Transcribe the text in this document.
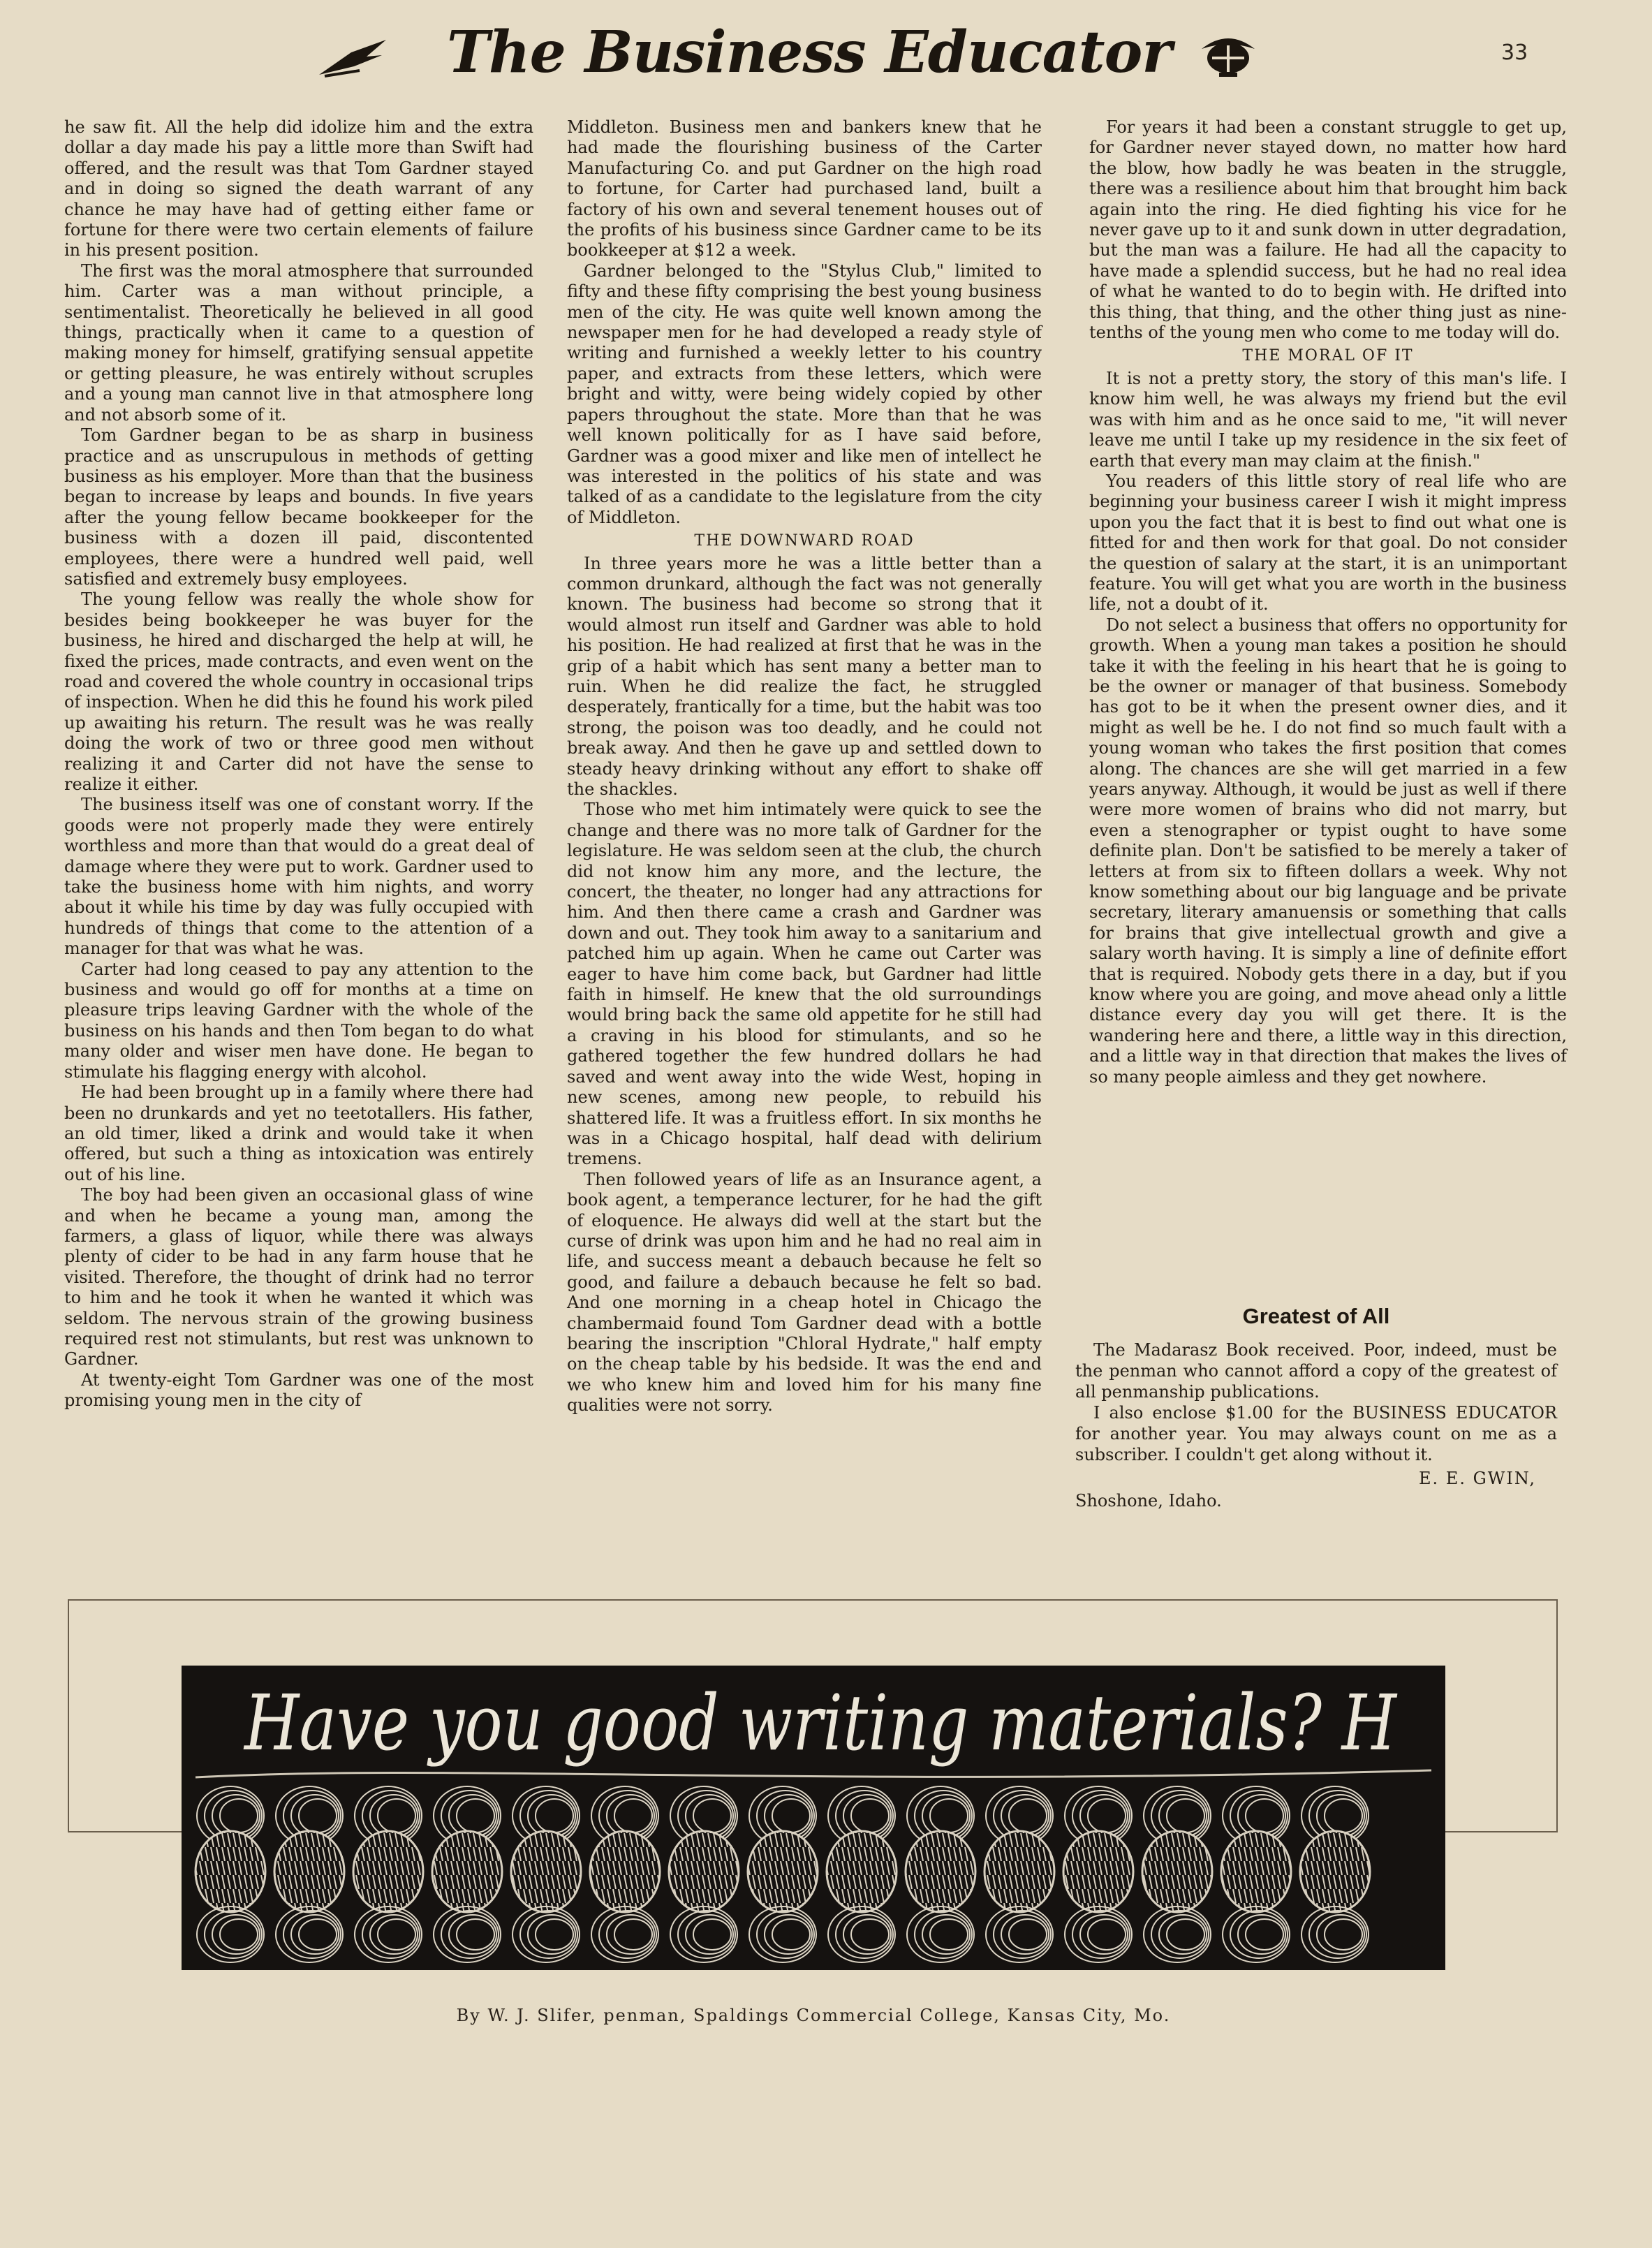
The Business Educator	33

he saw fit. All the help did idolize him and the extra dollar a day made his pay a little more than Swift had offered, and the result was that Tom Gardner stayed and in doing so signed the death warrant of any chance he may have had of getting either fame or fortune for there were two certain elements of failure in his present position.

The first was the moral atmosphere that surrounded him. Carter was a man without principle, a sentimentalist. Theoretically he believed in all good things, practically when it came to a question of making money for himself, gratifying sensual appetite or getting pleasure, he was entirely without scruples and a young man cannot live in that atmosphere long and not absorb some of it.

Tom Gardner began to be as sharp in business practice and as unscrupulous in methods of getting business as his employer. More than that the business began to increase by leaps and bounds. In five years after the young fellow became bookkeeper for the business with a dozen ill paid, discontented employees, there were a hundred well paid, well satisfied and extremely busy employees.

The young fellow was really the whole show for besides being bookkeeper he was buyer for the business, he hired and discharged the help at will, he fixed the prices, made contracts, and even went on the road and covered the whole country in occasional trips of inspection. When he did this he found his work piled up awaiting his return. The result was he was really doing the work of two or three good men without realizing it and Carter did not have the sense to realize it either.

The business itself was one of constant worry. If the goods were not properly made they were entirely worthless and more than that would do a great deal of damage where they were put to work. Gardner used to take the business home with him nights, and worry about it while his time by day was fully occupied with hundreds of things that come to the attention of a manager for that was what he was.

Carter had long ceased to pay any attention to the business and would go off for months at a time on pleasure trips leaving Gardner with the whole of the business on his hands and then Tom began to do what many older and wiser men have done. He began to stimulate his flagging energy with alcohol.

He had been brought up in a family where there had been no drunkards and yet no teetotallers. His father, an old timer, liked a drink and would take it when offered, but such a thing as intoxication was entirely out of his line.

The boy had been given an occasional glass of wine and when he became a young man, among the farmers, a glass of liquor, while there was always plenty of cider to be had in any farm house that he visited. Therefore, the thought of drink had no terror to him and he took it when he wanted it which was seldom. The nervous strain of the growing business required rest not stimulants, but rest was unknown to Gardner.

At twenty-eight Tom Gardner was one of the most promising young men in the city of

Middleton. Business men and bankers knew that he had made the flourishing business of the Carter Manufacturing Co. and put Gardner on the high road to fortune, for Carter had purchased land, built a factory of his own and several tenement houses out of the profits of his business since Gardner came to be its bookkeeper at $12 a week.

Gardner belonged to the "Stylus Club," limited to fifty and these fifty comprising the best young business men of the city. He was quite well known among the newspaper men for he had developed a ready style of writing and furnished a weekly letter to his country paper, and extracts from these letters, which were bright and witty, were being widely copied by other papers throughout the state. More than that he was well known politically for as I have said before, Gardner was a good mixer and like men of intellect he was interested in the politics of his state and was talked of as a candidate to the legislature from the city of Middleton.

THE DOWNWARD ROAD

In three years more he was a little better than a common drunkard, although the fact was not generally known. The business had become so strong that it would almost run itself and Gardner was able to hold his position. He had realized at first that he was in the grip of a habit which has sent many a better man to ruin. When he did realize the fact, he struggled desperately, frantically for a time, but the habit was too strong, the poison was too deadly, and he could not break away. And then he gave up and settled down to steady heavy drinking without any effort to shake off the shackles.

Those who met him intimately were quick to see the change and there was no more talk of Gardner for the legislature. He was seldom seen at the club, the church did not know him any more, and the lecture, the concert, the theater, no longer had any attractions for him. And then there came a crash and Gardner was down and out. They took him away to a sanitarium and patched him up again. When he came out Carter was eager to have him come back, but Gardner had little faith in himself. He knew that the old surroundings would bring back the same old appetite for he still had a craving in his blood for stimulants, and so he gathered together the few hundred dollars he had saved and went away into the wide West, hoping in new scenes, among new people, to rebuild his shattered life. It was a fruitless effort. In six months he was in a Chicago hospital, half dead with delirium tremens.

Then followed years of life as an Insurance agent, a book agent, a temperance lecturer, for he had the gift of eloquence. He always did well at the start but the curse of drink was upon him and he had no real aim in life, and success meant a debauch because he felt so good, and failure a debauch because he felt so bad. And one morning in a cheap hotel in Chicago the chambermaid found Tom Gardner dead with a bottle bearing the inscription "Chloral Hydrate," half empty on the cheap table by his bedside. It was the end and we who knew him and loved him for his many fine qualities were not sorry.

For years it had been a constant struggle to get up, for Gardner never stayed down, no matter how hard the blow, how badly he was beaten in the struggle, there was a resilience about him that brought him back again into the ring. He died fighting his vice for he never gave up to it and sunk down in utter degradation, but the man was a failure. He had all the capacity to have made a splendid success, but he had no real idea of what he wanted to do to begin with. He drifted into this thing, that thing, and the other thing just as nine-tenths of the young men who come to me today will do.

THE MORAL OF IT

It is not a pretty story, the story of this man's life. I know him well, he was always my friend but the evil was with him and as he once said to me, "it will never leave me until I take up my residence in the six feet of earth that every man may claim at the finish."

You readers of this little story of real life who are beginning your business career I wish it might impress upon you the fact that it is best to find out what one is fitted for and then work for that goal. Do not consider the question of salary at the start, it is an unimportant feature. You will get what you are worth in the business life, not a doubt of it.

Do not select a business that offers no opportunity for growth. When a young man takes a position he should take it with the feeling in his heart that he is going to be the owner or manager of that business. Somebody has got to be it when the present owner dies, and it might as well be he. I do not find so much fault with a young woman who takes the first position that comes along. The chances are she will get married in a few years anyway. Although, it would be just as well if there were more women of brains who did not marry, but even a stenographer or typist ought to have some definite plan. Don't be satisfied to be merely a taker of letters at from six to fifteen dollars a week. Why not know something about our big language and be private secretary, literary amanuensis or something that calls for brains that give intellectual growth and give a salary worth having. It is simply a line of definite effort that is required. Nobody gets there in a day, but if you know where you are going, and move ahead only a little distance every day you will get there. It is the wandering here and there, a little way in this direction, and a little way in that direction that makes the lives of so many people aimless and they get nowhere.

Greatest of All

The Madarasz Book received. Poor, indeed, must be the penman who cannot afford a copy of the greatest of all penmanship publications.

I also enclose $1.00 for the BUSINESS EDUCATOR for another year. You may always count on me as a subscriber. I couldn't get along without it.

E. E. GWIN,
Shoshone, Idaho.
Have you good writing materials? H
By W. J. Slifer, penman, Spaldings Commercial College, Kansas City, Mo.
